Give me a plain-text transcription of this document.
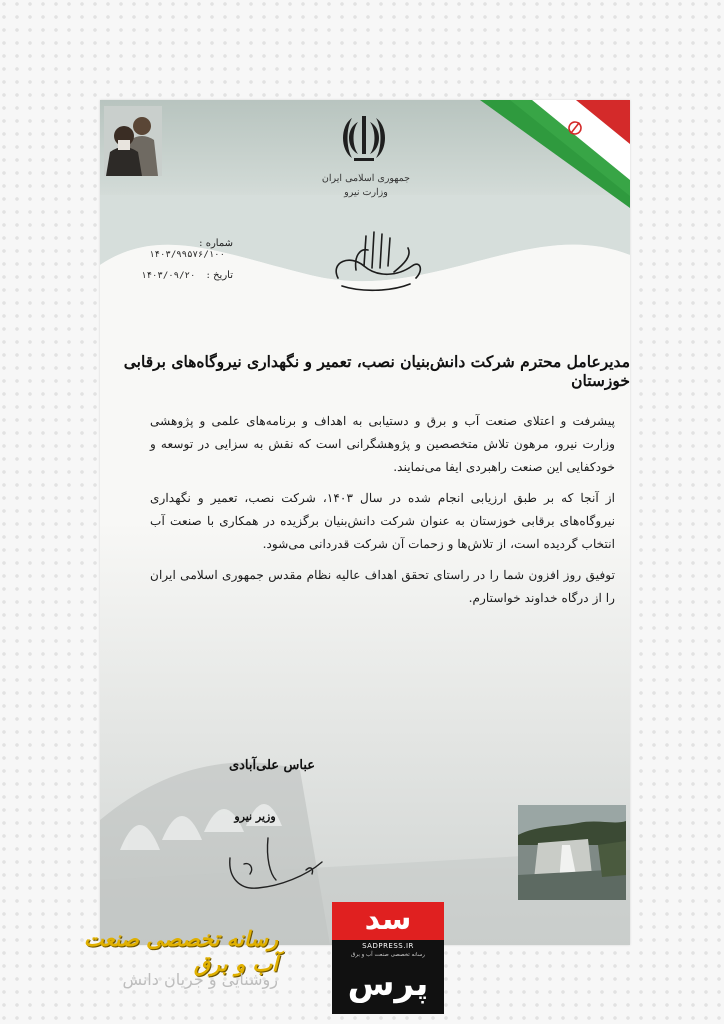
جمهوری اسلامی ایران
وزارت نیرو
شماره : ۱۴۰۳/۹۹۵۷۶/۱۰۰
تاریخ : ۱۴۰۳/۰۹/۲۰
مدیرعامل محترم شرکت دانش‌بنیان نصب، تعمیر و نگهداری نیروگاه‌های برقابی خوزستان

پیشرفت و اعتلای صنعت آب و برق و دستیابی به اهداف و برنامه‌های علمی و پژوهشی وزارت نیرو، مرهون تلاش متخصصین و پژوهشگرانی است که نقش به سزایی در توسعه و خودکفایی این صنعت راهبردی ایفا می‌نمایند.

از آنجا که بر طبق ارزیابی انجام شده در سال ۱۴۰۳، شرکت نصب، تعمیر و نگهداری نیروگاه‌های برقابی خوزستان به عنوان شرکت دانش‌بنیان برگزیده در همکاری با صنعت آب انتخاب گردیده است، از تلاش‌ها و زحمات آن شرکت قدردانی می‌شود.

توفیق روز افزون شما را در راستای تحقق اهداف عالیه نظام مقدس جمهوری اسلامی ایران را از درگاه خداوند خواستارم.

عباس علی‌آبادی
وزیر نیرو
رسانه تخصصی صنعت آب و برق
روشنایی و جریان دانش
سد
SADPRESS.IR
رسانه تخصصی صنعت آب و برق
پرس
